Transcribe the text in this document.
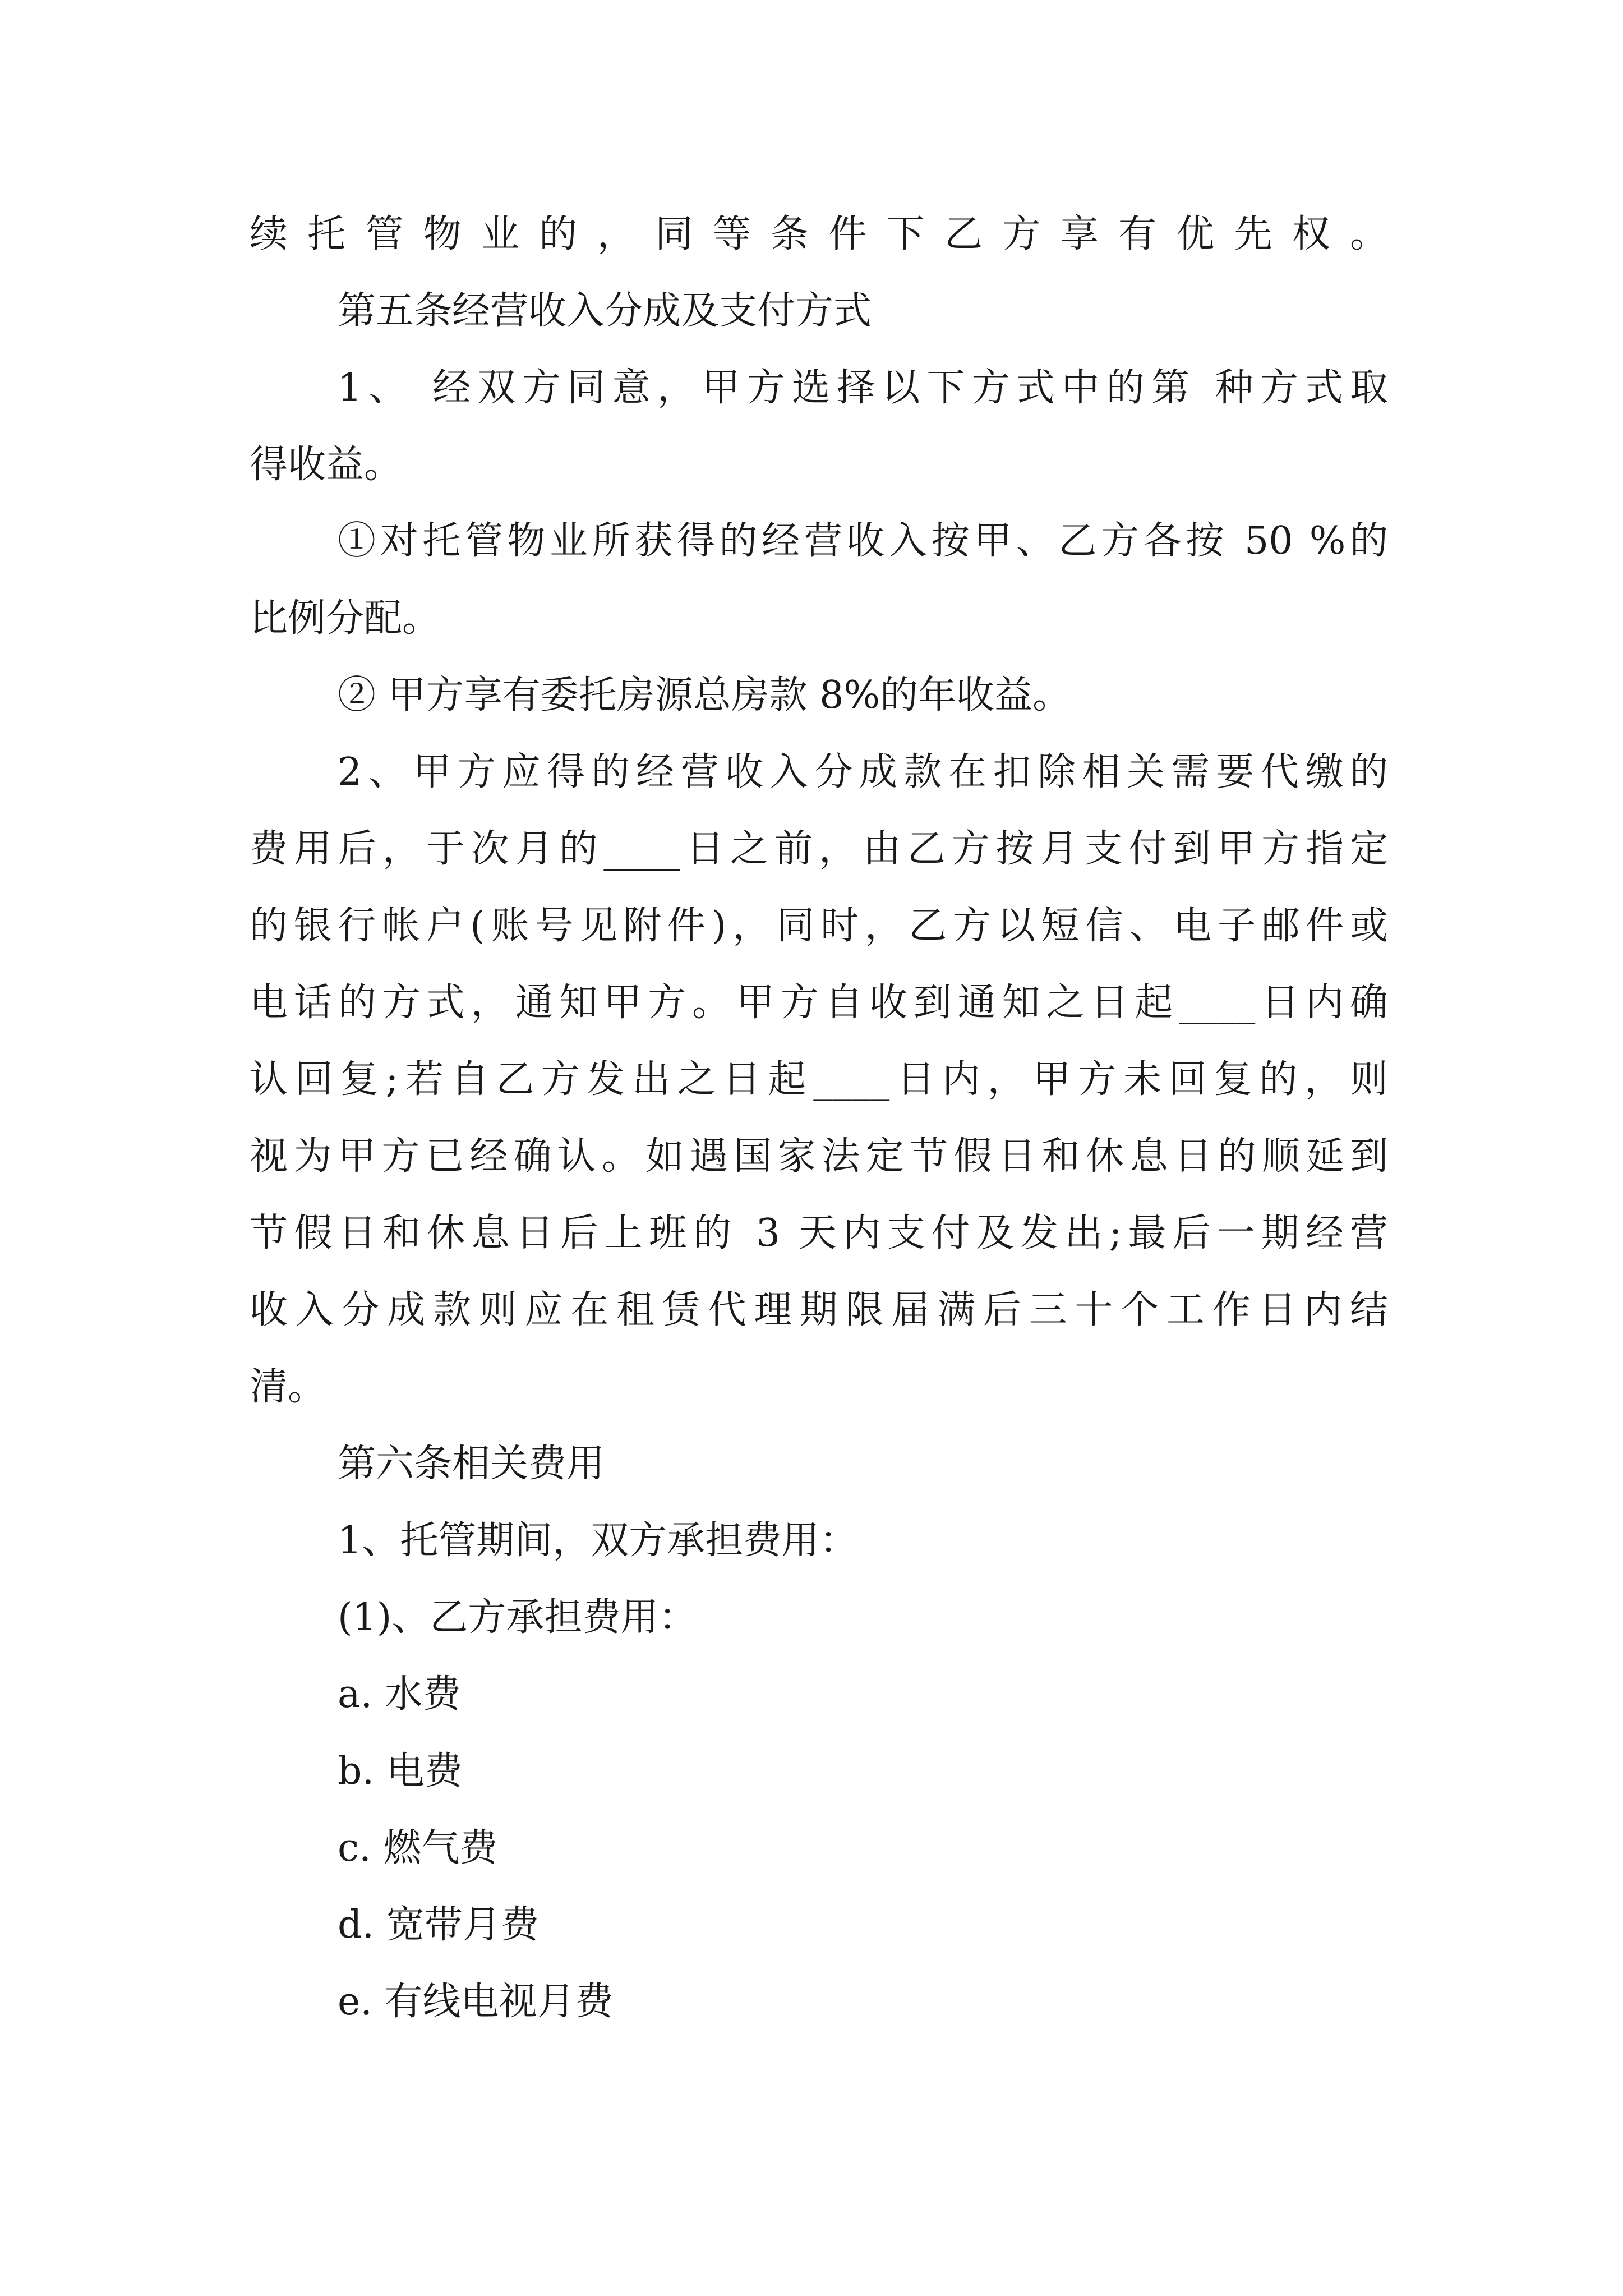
续托管物业的，同等条件下乙方享有优先权。
第五条经营收入分成及支付方式
1、 经双方同意，甲方选择以下方式中的第 种方式取
得收益。
①对托管物业所获得的经营收入按甲、乙方各按 50 %的
比例分配。
② 甲方享有委托房源总房款 8%的年收益。
2、甲方应得的经营收入分成款在扣除相关需要代缴的
费用后，于次月的____日之前，由乙方按月支付到甲方指定
的银行帐户(账号见附件)，同时，乙方以短信、电子邮件或
电话的方式，通知甲方。甲方自收到通知之日起____日内确
认回复;若自乙方发出之日起____日内，甲方未回复的，则
视为甲方已经确认。如遇国家法定节假日和休息日的顺延到
节假日和休息日后上班的 3 天内支付及发出;最后一期经营
收入分成款则应在租赁代理期限届满后三十个工作日内结
清。
第六条相关费用
1、托管期间，双方承担费用：
(1)、乙方承担费用：
a. 水费
b. 电费
c. 燃气费
d. 宽带月费
e. 有线电视月费
